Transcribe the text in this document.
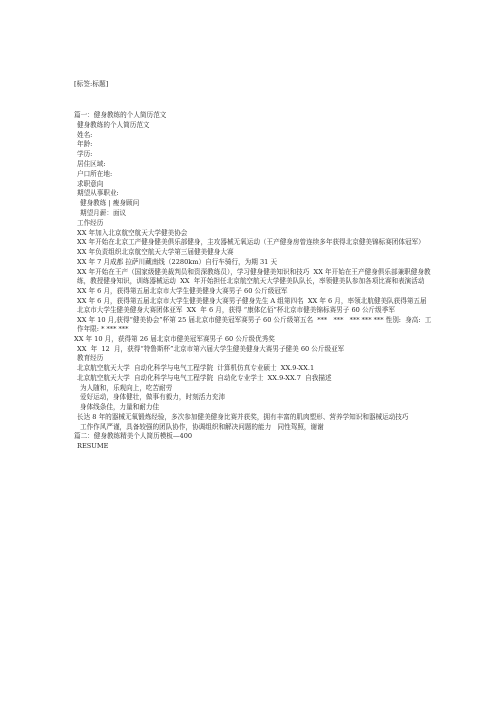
[标签:标题]
篇一：健身教练的个人简历范文
健身教练的个人简历范文
姓名:
年龄:
学历:
居住区域:
户口所在地:
求职意向
期望从事职业:
健身教练 | 瘦身顾问
期望月薪：面议
工作经历
XX 年加入北京航空航天大学健美协会
XX 年开始在北京工产健身健美俱乐部健身，主攻器械无氧运动（王产健身房曾连续多年获得北京健美锦标赛团体冠军）
XX 年负责组织北京航空航天大学第三届健美健身大赛
XX 年 7 月成都 拉萨川藏南线（2280km）自行车骑行，为期 31 天
XX 年开始在王产（国家级健美裁判员和资深教练员），学习健身健美知识和技巧  XX 年开始在王产健身俱乐部兼职健身教练，教授健身知识，训练器械运动  XX  年开始担任北京航空航天大学健美队队长，率领健美队参加各项比赛和表演活动
XX 年 6 月，获得第五届北京市大学生健美健身大赛男子 60 公斤级冠军
XX 年 6 月，获得第五届北京市大学生健美健身大赛男子健身先生 A 组第四名  XX 年 6 月，率领北航健美队获得第五届北京市大学生健美健身大赛团体亚军  XX  年 6 月，获得 “康体亿佰”杯北京市健美锦标赛男子 60 公斤级季军
XX 年 10 月,获得“健美协会”杯第 25 届北京市健美冠军赛男子 60 公斤级第五名  ***   ***   *** *** *** 性别:  身高:  工作年限: * *** ***
XX 年 10 月，获得第 26 届北京市健美冠军赛男子 60 公斤级优秀奖
XX  年  12  月，获得“特鲁斯杯”北京市第六届大学生健美健身大赛男子健美 60 公斤级亚军
教育经历
北京航空航天大学  自动化科学与电气工程学院  计算机仿真专业硕士  XX.9-XX.1
北京航空航天大学  自动化科学与电气工程学院  自动化专业学士  XX.9-XX.7  自我描述
为人随和，乐观向上，吃苦耐劳
爱好运动，身体健壮，做事有毅力，时刻活力充沛
身体线条佳，力量和耐力佳
长达 8 年的器械无氧锻炼经验，多次参加健美健身比赛并获奖，拥有丰富的肌肉塑形、营养学知识和器械运动技巧
工作作风严谨，具备较强的团队协作，协调组织和解决问题的能力   同性驾照，谢谢
篇二：健身教练精美个人简历模板—400
RESUME
